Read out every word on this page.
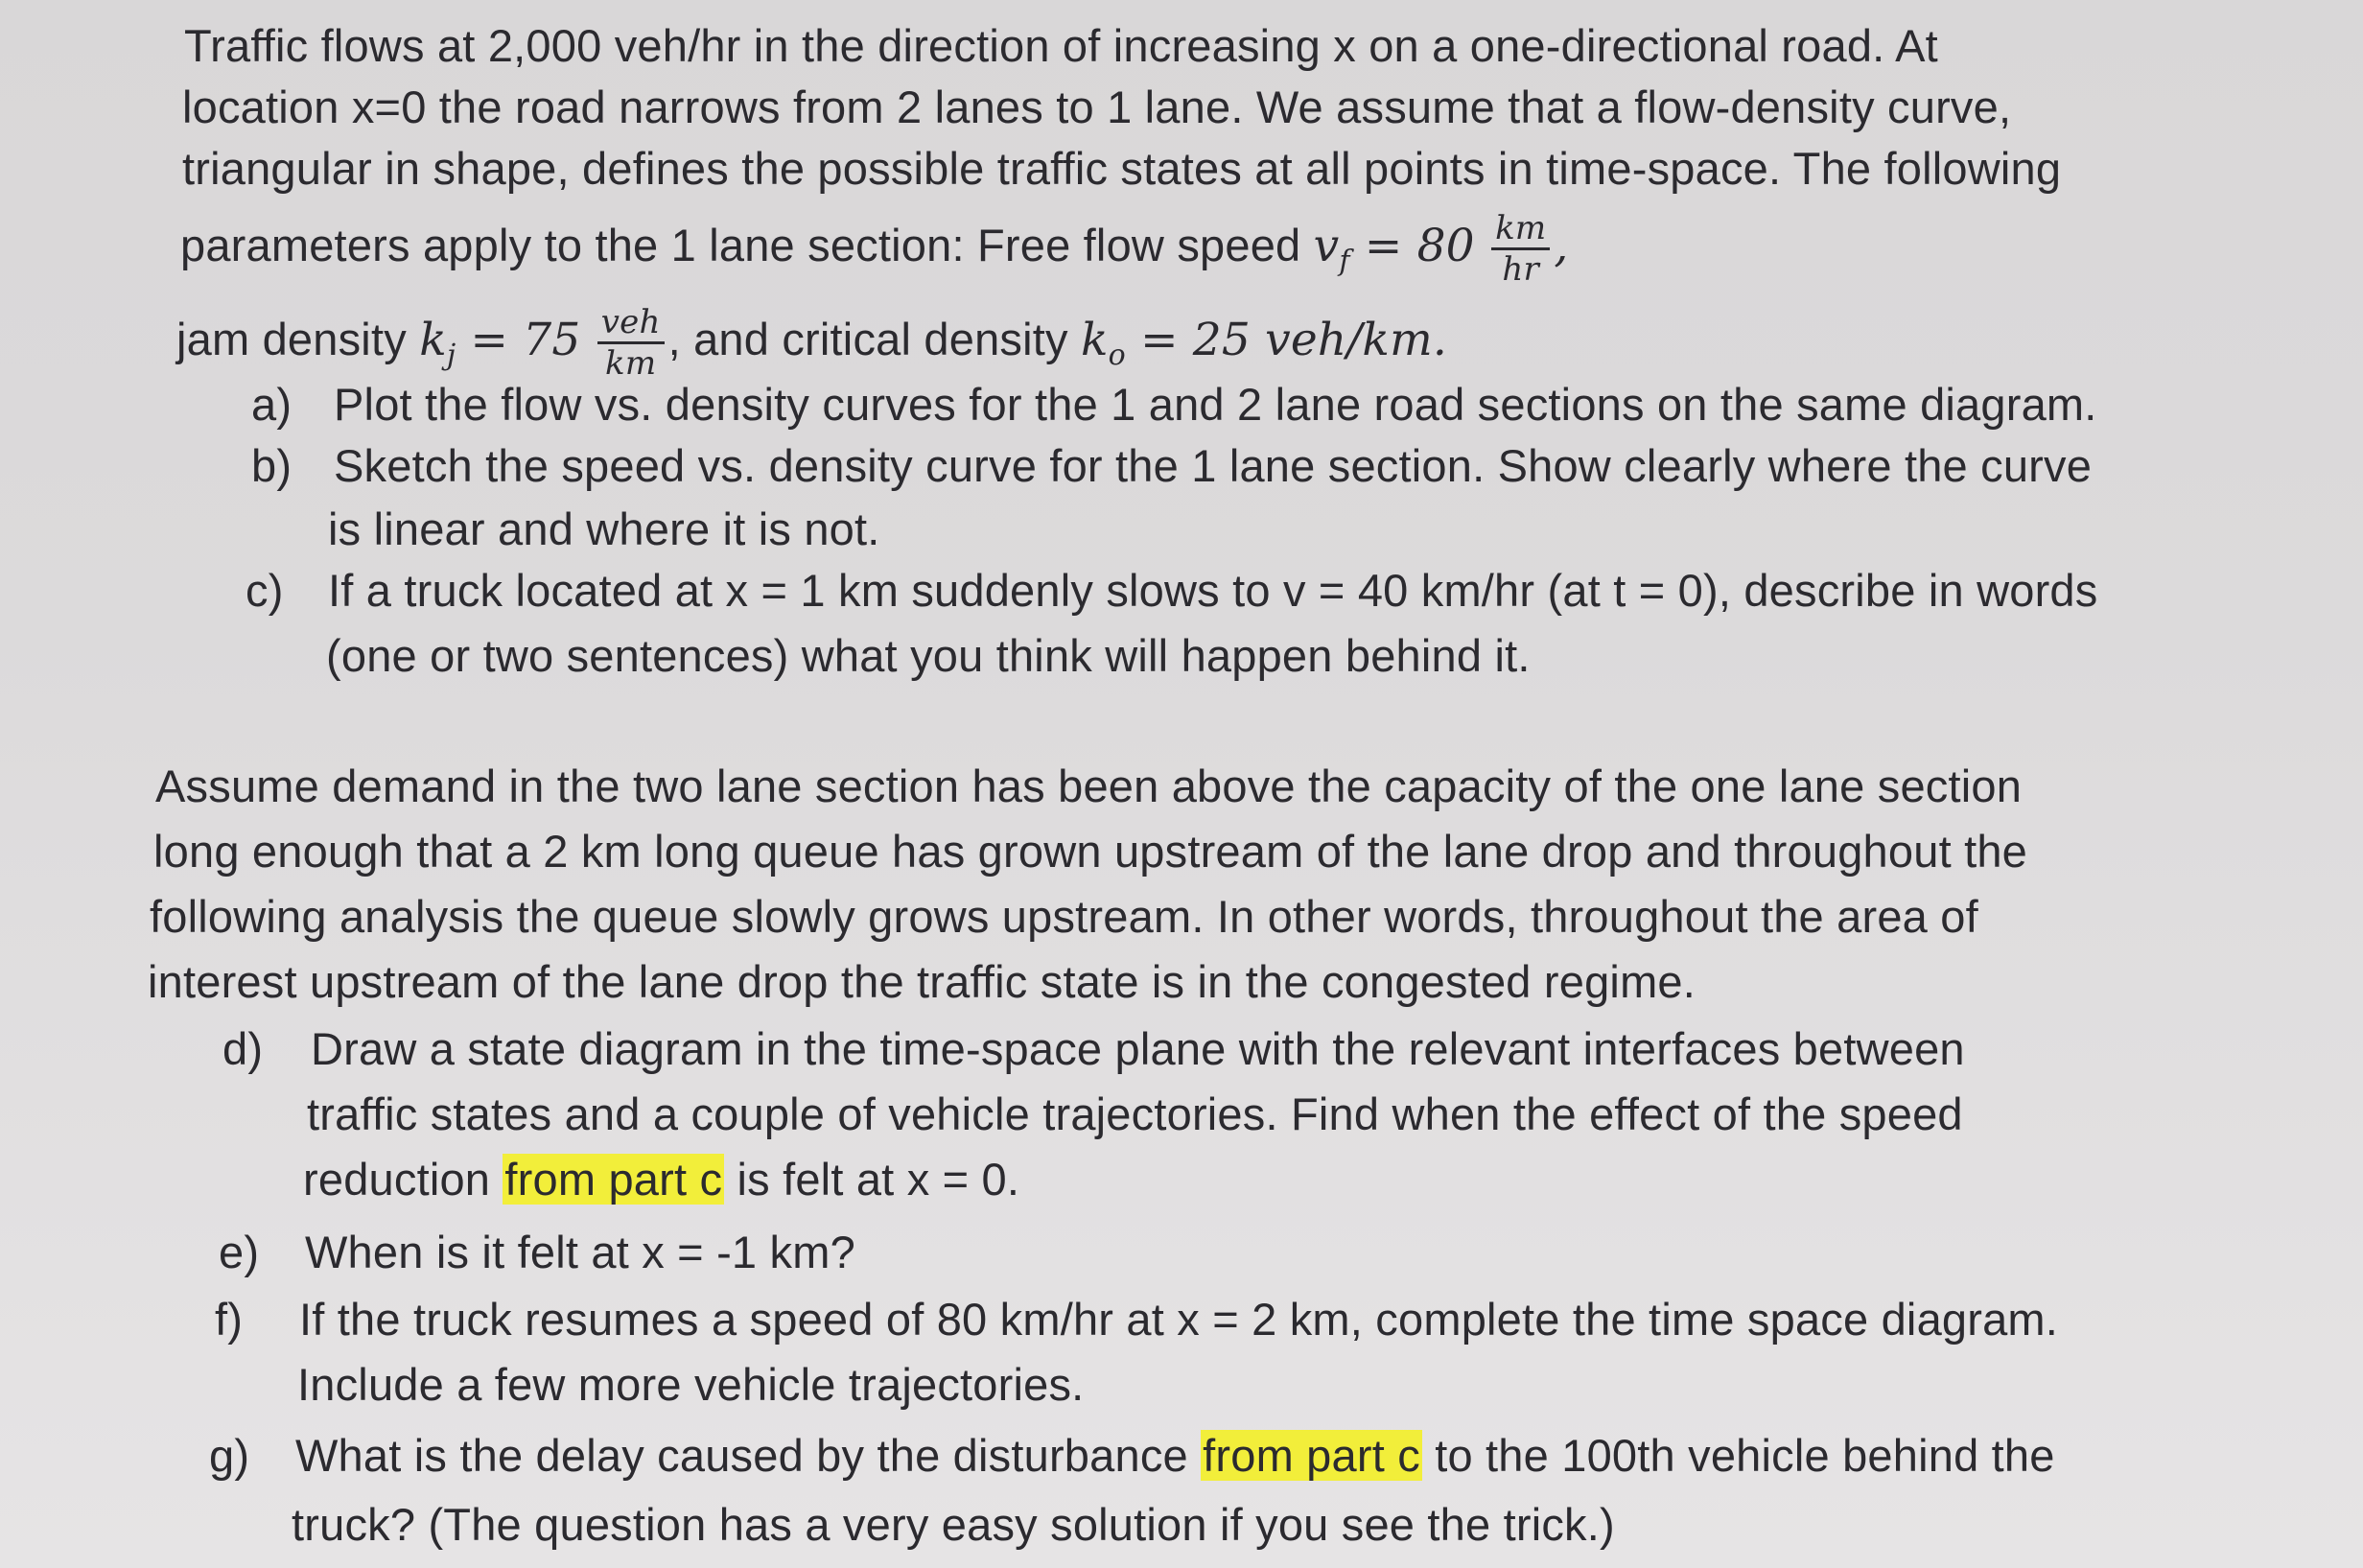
Traffic flows at 2,000 veh/hr in the direction of increasing x on a one-directional road. At
location x=0 the road narrows from 2 lanes to 1 lane. We assume that a flow-density curve,
triangular in shape, defines the possible traffic states at all points in time-space. The following
parameters apply to the 1 lane section: Free flow speed $v_f = 80 \frac{km}{hr}$ ,
jam density $k_j = 75 \frac{\text{veh}}{km}$ , and critical density $k_o = 25$ veh/km.
a) Plot the flow vs. density curves for the 1 and 2 lane road sections on the same diagram.
b) Sketch the speed vs. density curve for the 1 lane section. Show clearly where the curve
is linear and where it is not.
c) If a truck located at x = 1 km suddenly slows to v = 40 km/hr (at t = 0), describe in words
(one or two sentences) what you think will happen behind it.
Assume demand in the two lane section has been above the capacity of the one lane section
long enough that a 2 km long queue has grown upstream of the lane drop and throughout the
following analysis the queue slowly grows upstream. In other words, throughout the area of
interest upstream of the lane drop the traffic state is in the congested regime.
d) Draw a state diagram in the time-space plane with the relevant interfaces between
traffic states and a couple of vehicle trajectories. Find when the effect of the speed
reduction from part c is felt at x = 0.
e) When is it felt at x = -1 km?
f) If the truck resumes a speed of 80 km/hr at x = 2 km, complete the time space diagram.
Include a few more vehicle trajectories.
g) What is the delay caused by the disturbance from part c to the 100th vehicle behind the
truck? (The question has a very easy solution if you see the trick.)
